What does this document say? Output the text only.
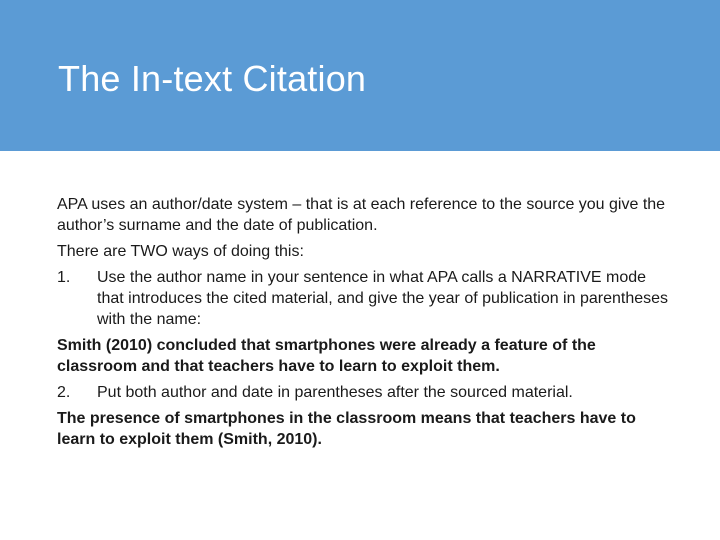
The In-text Citation

APA uses an author/date system – that is at each reference to the source you give the author’s surname and the date of publication.

There are TWO ways of doing this:

1.	Use the author name in your sentence in what APA calls a NARRATIVE mode that introduces the cited material, and give the year of publication in parentheses with the name:

Smith (2010) concluded that smartphones were already a feature of the classroom and that teachers have to learn to exploit them.

2.	Put both author and date in parentheses after the sourced material.

The presence of smartphones in the classroom means that teachers have to learn to exploit them (Smith, 2010).
